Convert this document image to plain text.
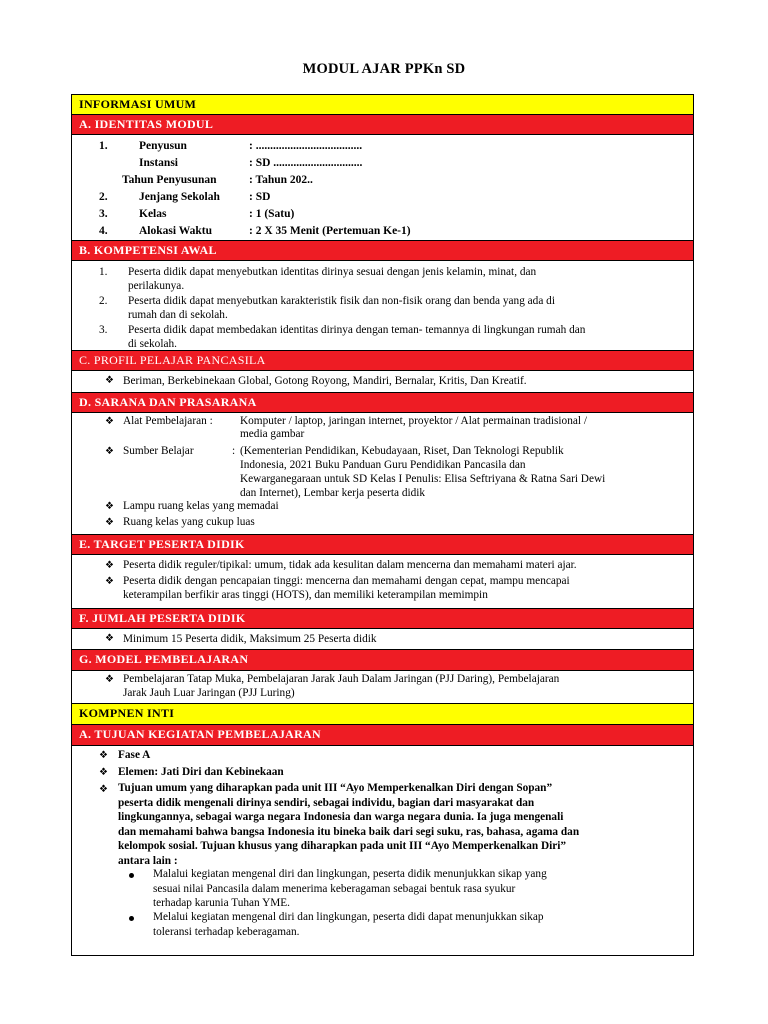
MODUL AJAR PPKn SD
INFORMASI UMUM
A. IDENTITAS MODUL
1.	Penyusun	: .....................................
Instansi	: SD ...............................
Tahun Penyusunan	: Tahun 202..
2.	Jenjang Sekolah	: SD
3.	Kelas	: 1 (Satu)
4.	Alokasi Waktu	: 2 X 35 Menit (Pertemuan Ke-1)
B. KOMPETENSI AWAL
1. Peserta didik dapat menyebutkan identitas dirinya sesuai dengan jenis kelamin, minat, dan
perilakunya.
2. Peserta didik dapat menyebutkan karakteristik fisik dan non-fisik orang dan benda yang ada di
rumah dan di sekolah.
3. Peserta didik dapat membedakan identitas dirinya dengan teman- temannya di lingkungan rumah dan
di sekolah.
C. PROFIL PELAJAR PANCASILA
❖ Beriman, Berkebinekaan Global, Gotong Royong, Mandiri, Bernalar, Kritis, Dan Kreatif.
D. SARANA DAN PRASARANA
❖ Alat Pembelajaran : Komputer / laptop, jaringan internet, proyektor / Alat permainan tradisional /
media gambar
❖ Sumber Belajar	: (Kementerian Pendidikan, Kebudayaan, Riset, Dan Teknologi Republik
Indonesia, 2021 Buku Panduan Guru Pendidikan Pancasila dan
Kewarganegaraan untuk SD Kelas I Penulis: Elisa Seftriyana & Ratna Sari Dewi
dan Internet), Lembar kerja peserta didik
❖ Lampu ruang kelas yang memadai
❖ Ruang kelas yang cukup luas
E. TARGET PESERTA DIDIK
❖ Peserta didik reguler/tipikal: umum, tidak ada kesulitan dalam mencerna dan memahami materi ajar.
❖ Peserta didik dengan pencapaian tinggi: mencerna dan memahami dengan cepat, mampu mencapai
keterampilan berfikir aras tinggi (HOTS), dan memiliki keterampilan memimpin
F. JUMLAH PESERTA DIDIK
❖ Minimum 15 Peserta didik, Maksimum 25 Peserta didik
G. MODEL PEMBELAJARAN
❖ Pembelajaran Tatap Muka, Pembelajaran Jarak Jauh Dalam Jaringan (PJJ Daring), Pembelajaran
Jarak Jauh Luar Jaringan (PJJ Luring)
KOMPNEN INTI
A. TUJUAN KEGIATAN PEMBELAJARAN
❖ Fase A
❖ Elemen: Jati Diri dan Kebinekaan
❖ Tujuan umum yang diharapkan pada unit III “Ayo Memperkenalkan Diri dengan Sopan”
peserta didik mengenali dirinya sendiri, sebagai individu, bagian dari masyarakat dan
lingkungannya, sebagai warga negara Indonesia dan warga negara dunia. Ia juga mengenali
dan memahami bahwa bangsa Indonesia itu bineka baik dari segi suku, ras, bahasa, agama dan
kelompok sosial. Tujuan khusus yang diharapkan pada unit III “Ayo Memperkenalkan Diri”
antara lain :
Malalui kegiatan mengenal diri dan lingkungan, peserta didik menunjukkan sikap yang
sesuai nilai Pancasila dalam menerima keberagaman sebagai bentuk rasa syukur
terhadap karunia Tuhan YME.
Melalui kegiatan mengenal diri dan lingkungan, peserta didi dapat menunjukkan sikap
toleransi terhadap keberagaman.
